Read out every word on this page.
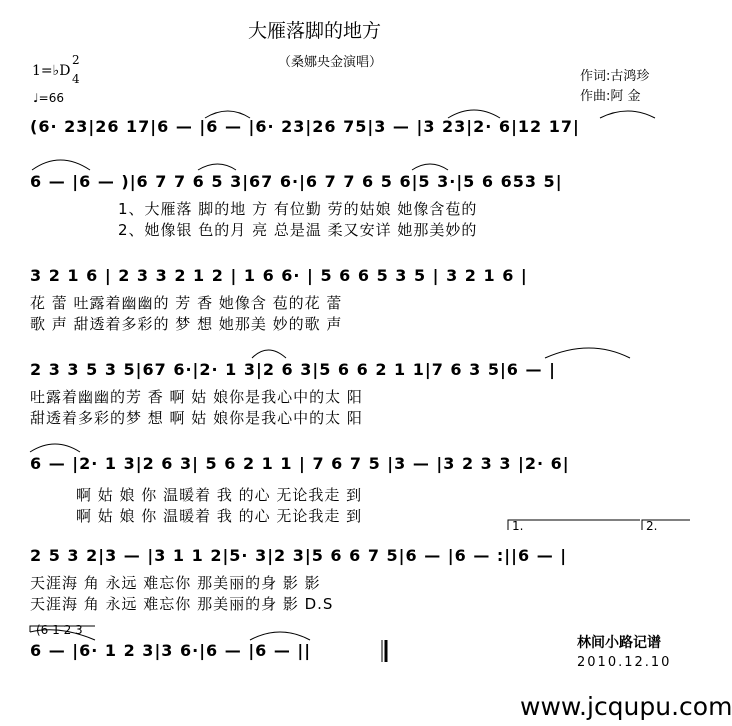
大雁落脚的地方
（桑娜央金演唱）
作词:古鸿珍
作曲:阿 金
1=♭D
2
4
♩=66
(6· 23|26 17|6 — |6 — |6· 23|26 75|3 — |3 23|2· 6|12 17|
6 — |6 — )|6 7 7 6 5 3|67 6·|6 7 7 6 5 6|5 3·|5 6 653 5|
1、大雁落 脚的地 方 有位勤 劳的姑娘 她像含苞的
2、她像银 色的月 亮 总是温 柔又安详 她那美妙的
3 2 1 6 | 2 3 3 2 1 2 | 1 6 6· | 5 6 6 5 3 5 | 3 2 1 6 |
花 蕾 吐露着幽幽的 芳 香 她像含 苞的花 蕾
歌 声 甜透着多彩的 梦 想 她那美 妙的歌 声
2 3 3 5 3 5|67 6·|2· 1 3|2 6 3|5 6 6 2 1 1|7 6 3 5|6 — |
吐露着幽幽的芳 香 啊 姑 娘你是我心中的太 阳
甜透着多彩的梦 想 啊 姑 娘你是我心中的太 阳
6 — |2· 1 3|2 6 3| 5 6 2 1 1 | 7 6 7 5 |3 — |3 2 3 3 |2· 6|
啊 姑 娘 你 温暖着 我 的心 无论我走 到
啊 姑 娘 你 温暖着 我 的心 无论我走 到
1.	2.
2 5 3 2|3 — |3 1 1 2|5· 3|2 3|5 6 6 7 5|6 — |6 — :||6 — |
天涯海 角 永远 难忘你 那美丽的身 影 影
天涯海 角 永远 难忘你 那美丽的身 影 D.S
(6 1 2 3
6 — |6· 1 2 3|3 6·|6 — |6 — ||	林间小路记谱
2010.12.10
www.jcqupu.com
